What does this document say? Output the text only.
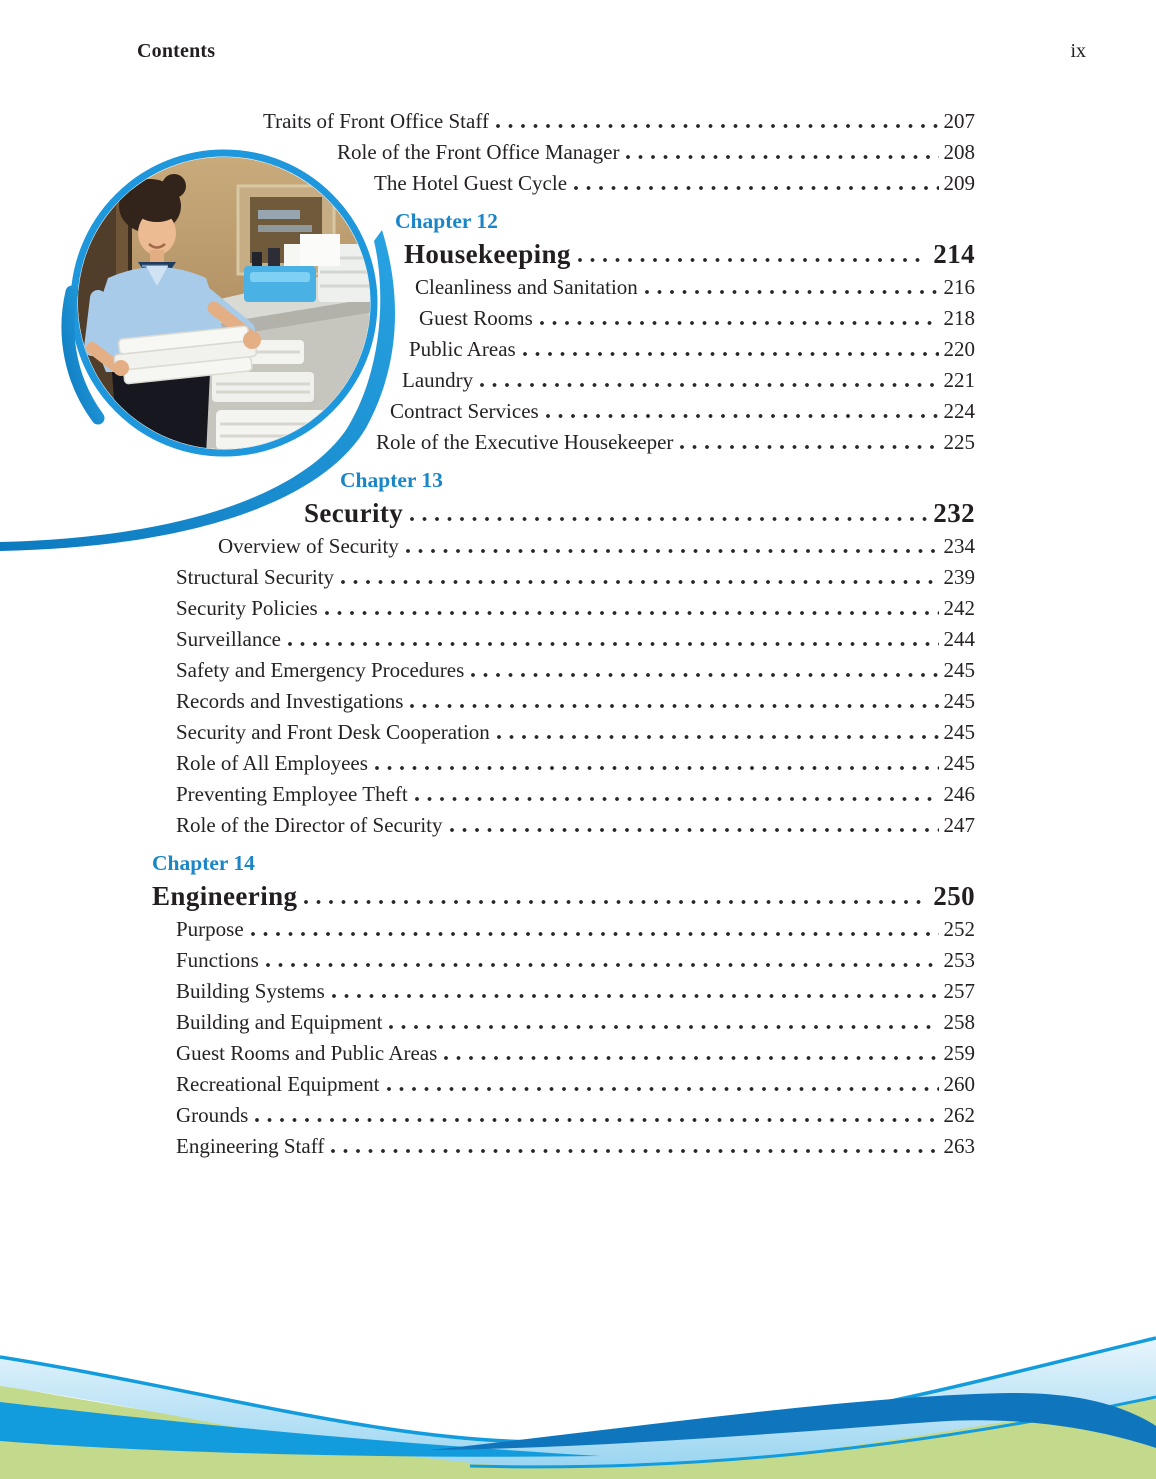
Contents	ix
Traits of Front Office Staff	207
Role of the Front Office Manager	208
The Hotel Guest Cycle	209
Chapter 12
Housekeeping	214
Cleanliness and Sanitation	216
Guest Rooms	218
Public Areas	220
Laundry	221
Contract Services	224
Role of the Executive Housekeeper	225
Chapter 13
Security	232
Overview of Security	234
Structural Security	239
Security Policies	242
Surveillance	244
Safety and Emergency Procedures	245
Records and Investigations	245
Security and Front Desk Cooperation	245
Role of All Employees	245
Preventing Employee Theft	246
Role of the Director of Security	247
Chapter 14
Engineering	250
Purpose	252
Functions	253
Building Systems	257
Building and Equipment	258
Guest Rooms and Public Areas	259
Recreational Equipment	260
Grounds	262
Engineering Staff	263
